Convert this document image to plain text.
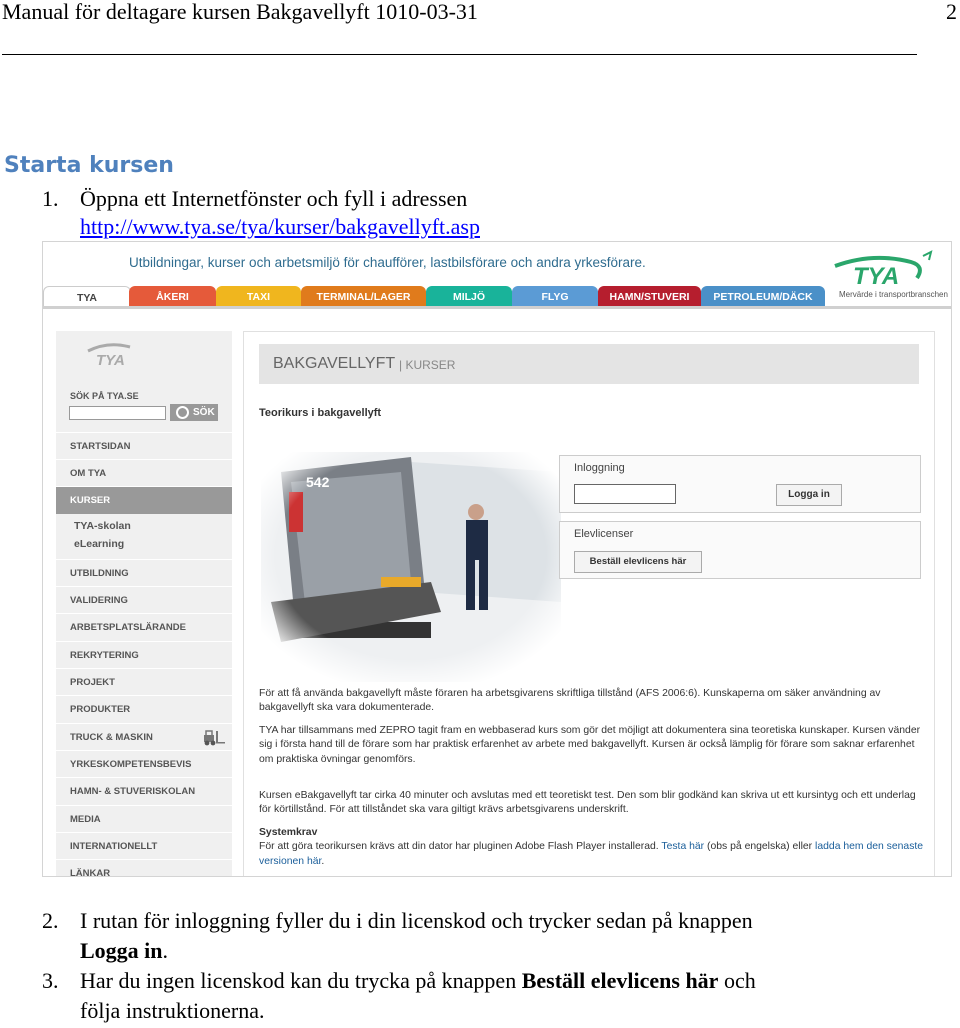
Manual för deltagare kursen Bakgavellyft 1010-03-31	2
Starta kursen
1. Öppna ett Internetfönster och fyll i adressen
http://www.tya.se/tya/kurser/bakgavellyft.asp
Utbildningar, kurser och arbetsmiljö för chaufförer, lastbilsförare och andra yrkesförare.
TYA
Mervärde i transportbranschen
TYA	ÅKERI	TAXI	TERMINAL/LAGER	MILJÖ	FLYG	HAMN/STUVERI	PETROLEUM/DÄCK
TYA
SÖK PÅ TYA.SE
SÖK
STARTSIDAN
OM TYA
KURSER
TYA-skolan
eLearning
UTBILDNING
VALIDERING
ARBETSPLATSLÄRANDE
REKRYTERING
PROJEKT
PRODUKTER
TRUCK & MASKIN
YRKESKOMPETENSBEVIS
HAMN- & STUVERISKOLAN
MEDIA
INTERNATIONELLT
LÄNKAR
BAKGAVELLYFT | KURSER
Teorikurs i bakgavellyft
Inloggning
Logga in
Elevlicenser
Beställ elevlicens här
För att få använda bakgavellyft måste föraren ha arbetsgivarens skriftliga tillstånd (AFS 2006:6). Kunskaperna om säker användning av bakgavellyft ska vara dokumenterade.
TYA har tillsammans med ZEPRO tagit fram en webbaserad kurs som gör det möjligt att dokumentera sina teoretiska kunskaper. Kursen vänder sig i första hand till de förare som har praktisk erfarenhet av arbete med bakgavellyft. Kursen är också lämplig för förare som saknar erfarenhet om praktiska övningar genomförs.
Kursen eBakgavellyft tar cirka 40 minuter och avslutas med ett teoretiskt test. Den som blir godkänd kan skriva ut ett kursintyg och ett underlag för körtillstånd. För att tillståndet ska vara giltigt krävs arbetsgivarens underskrift.
Systemkrav
För att göra teorikursen krävs att din dator har pluginen Adobe Flash Player installerad. Testa här (obs på engelska) eller ladda hem den senaste versionen här.
2. I rutan för inloggning fyller du i din licenskod och trycker sedan på knappen
Logga in.
3. Har du ingen licenskod kan du trycka på knappen Beställ elevlicens här och
följa instruktionerna.
